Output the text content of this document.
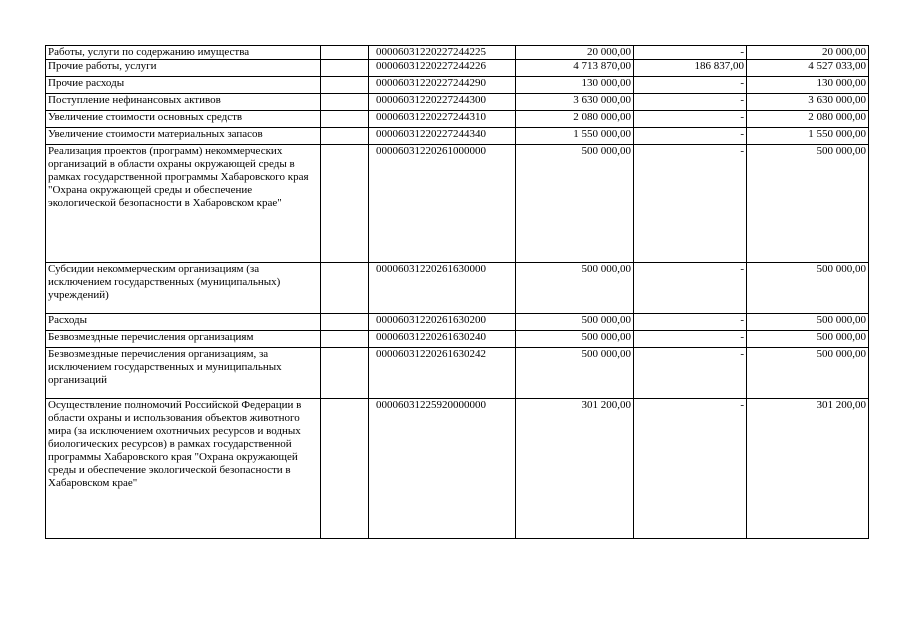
Работы, услуги по содержанию имущества		00006031220227244225	20 000,00	-	20 000,00
Прочие работы, услуги		00006031220227244226	4 713 870,00	186 837,00	4 527 033,00
Прочие расходы		00006031220227244290	130 000,00	-	130 000,00
Поступление нефинансовых активов		00006031220227244300	3 630 000,00	-	3 630 000,00
Увеличение стоимости основных средств		00006031220227244310	2 080 000,00	-	2 080 000,00
Увеличение стоимости материальных запасов		00006031220227244340	1 550 000,00	-	1 550 000,00
Реализация проектов (программ) некоммерческих организаций в области охраны окружающей среды в рамках государственной программы Хабаровского края "Охрана окружающей среды и обеспечение экологической безопасности в Хабаровском крае"		00006031220261000000	500 000,00	-	500 000,00
Субсидии некоммерческим организациям (за исключением государственных (муниципальных) учреждений)		00006031220261630000	500 000,00	-	500 000,00
Расходы		00006031220261630200	500 000,00	-	500 000,00
Безвозмездные перечисления организациям		00006031220261630240	500 000,00	-	500 000,00
Безвозмездные перечисления организациям, за исключением государственных и муниципальных организаций		00006031220261630242	500 000,00	-	500 000,00
Осуществление полномочий Российской Федерации в области охраны и использования объектов животного мира (за исключением охотничьих ресурсов и водных биологических ресурсов) в рамках государственной программы Хабаровского края "Охрана окружающей среды и обеспечение экологической безопасности в Хабаровском крае"		00006031225920000000	301 200,00	-	301 200,00
